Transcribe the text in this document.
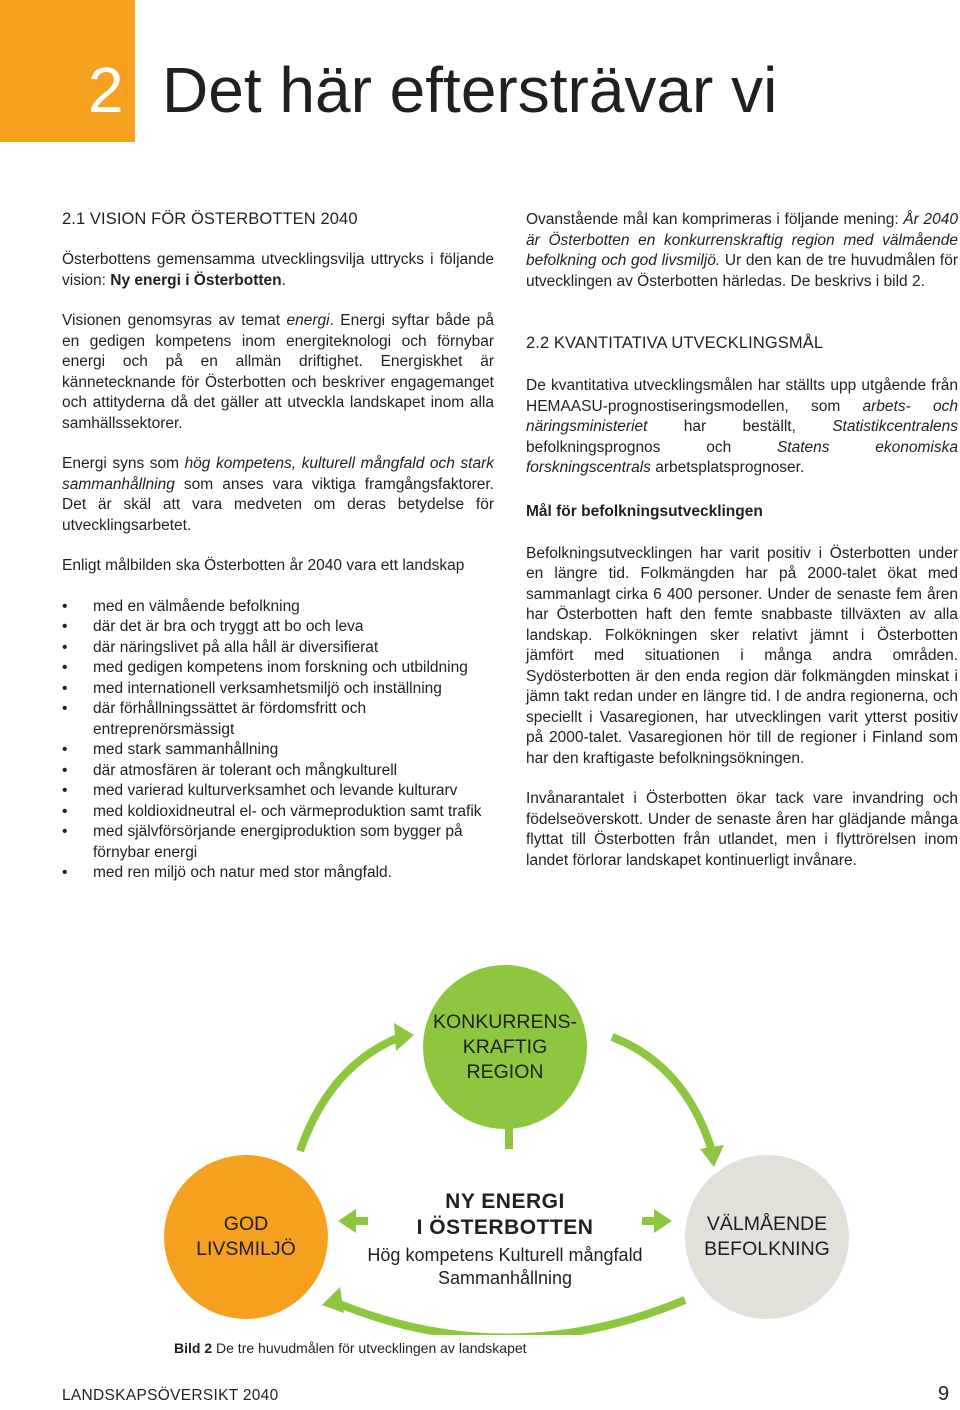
2 Det här eftersträvar vi
2.1 VISION FÖR ÖSTERBOTTEN 2040

Österbottens gemensamma utvecklingsvilja uttrycks i följande vision: Ny energi i Österbotten.

Visionen genomsyras av temat energi. Energi syftar både på en gedigen kompetens inom energiteknologi och förnybar energi och på en allmän driftighet. Energiskhet är kännetecknande för Österbotten och beskriver engagemanget och attityderna då det gäller att utveckla landskapet inom alla samhällssektorer.

Energi syns som hög kompetens, kulturell mångfald och stark sammanhållning som anses vara viktiga framgångsfaktorer. Det är skäl att vara medveten om deras betydelse för utvecklingsarbetet.

Enligt målbilden ska Österbotten år 2040 vara ett landskap

• med en välmående befolkning
• där det är bra och tryggt att bo och leva
• där näringslivet på alla håll är diversifierat
• med gedigen kompetens inom forskning och utbildning
• med internationell verksamhetsmiljö och inställning
• där förhållningssättet är fördomsfritt och entreprenörsmässigt
• med stark sammanhållning
• där atmosfären är tolerant och mångkulturell
• med varierad kulturverksamhet och levande kulturarv
• med koldioxidneutral el- och värmeproduktion samt trafik
• med självförsörjande energiproduktion som bygger på förnybar energi
• med ren miljö och natur med stor mångfald.

Ovanstående mål kan komprimeras i följande mening: År 2040 är Österbotten en konkurrenskraftig region med välmående befolkning och god livsmiljö. Ur den kan de tre huvudmålen för utvecklingen av Österbotten härledas. De beskrivs i bild 2.

2.2 KVANTITATIVA UTVECKLINGSMÅL

De kvantitativa utvecklingsmålen har ställts upp utgående från HEMAASU-prognostiseringsmodellen, som arbets- och näringsministeriet har beställt, Statistikcentralens befolkningsprognos och Statens ekonomiska forskningscentrals arbetsplatsprognoser.

Mål för befolkningsutvecklingen

Befolkningsutvecklingen har varit positiv i Österbotten under en längre tid. Folkmängden har på 2000-talet ökat med sammanlagt cirka 6 400 personer. Under de senaste fem åren har Österbotten haft den femte snabbaste tillväxten av alla landskap. Folkökningen sker relativt jämnt i Österbotten jämfört med situationen i många andra områden. Sydösterbotten är den enda region där folkmängden minskat i jämn takt redan under en längre tid. I de andra regionerna, och speciellt i Vasaregionen, har utvecklingen varit ytterst positiv på 2000-talet. Vasaregionen hör till de regioner i Finland som har den kraftigaste befolkningsökningen.

Invånarantalet i Österbotten ökar tack vare invandring och födelseöverskott. Under de senaste åren har glädjande många flyttat till Österbotten från utlandet, men i flyttrörelsen inom landet förlorar landskapet kontinuerligt invånare.

KONKURRENS-
KRAFTIG
REGION
GOD
LIVSMILJÖ
VÄLMÅENDE
BEFOLKNING
NY ENERGI
I ÖSTERBOTTEN
Hög kompetens Kulturell mångfald
Sammanhållning
Bild 2 De tre huvudmålen för utvecklingen av landskapet
LANDSKAPSÖVERSIKT 2040	9
